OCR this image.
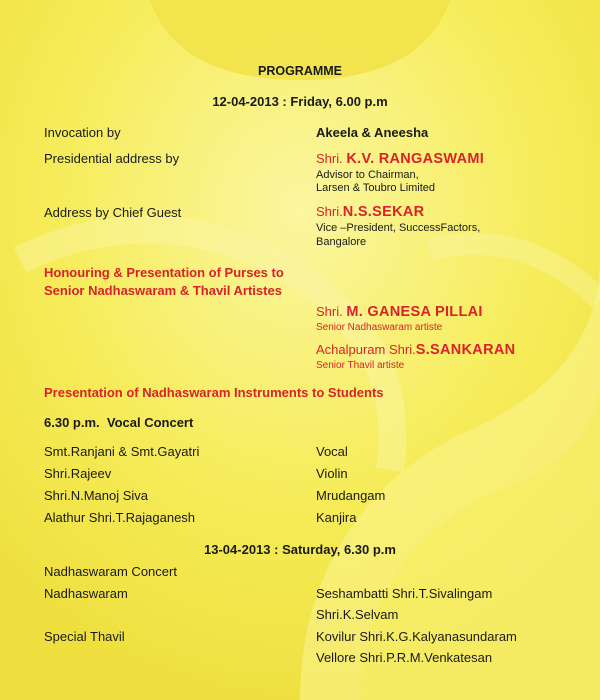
PROGRAMME
12-04-2013 : Friday, 6.00 p.m
Invocation by	Akeela & Aneesha
Presidential address by	Shri. K.V. RANGASWAMI
Advisor to Chairman,
Larsen & Toubro Limited
Address by Chief Guest	Shri.N.S.SEKAR
Vice –President, SuccessFactors,
Bangalore
Honouring & Presentation of Purses to
Senior Nadhaswaram & Thavil Artistes
Shri. M. GANESA PILLAI
Senior Nadhaswaram artiste
Achalpuram Shri.S.SANKARAN
Senior Thavil artiste
Presentation of Nadhaswaram Instruments to Students
6.30 p.m.  Vocal Concert
Smt.Ranjani & Smt.Gayatri	Vocal
Shri.Rajeev	Violin
Shri.N.Manoj Siva	Mrudangam
Alathur Shri.T.Rajaganesh	Kanjira
13-04-2013 : Saturday, 6.30 p.m
Nadhaswaram Concert
Nadhaswaram	Seshambatti Shri.T.Sivalingam
Shri.K.Selvam
Special Thavil	Kovilur Shri.K.G.Kalyanasundaram
Vellore Shri.P.R.M.Venkatesan
